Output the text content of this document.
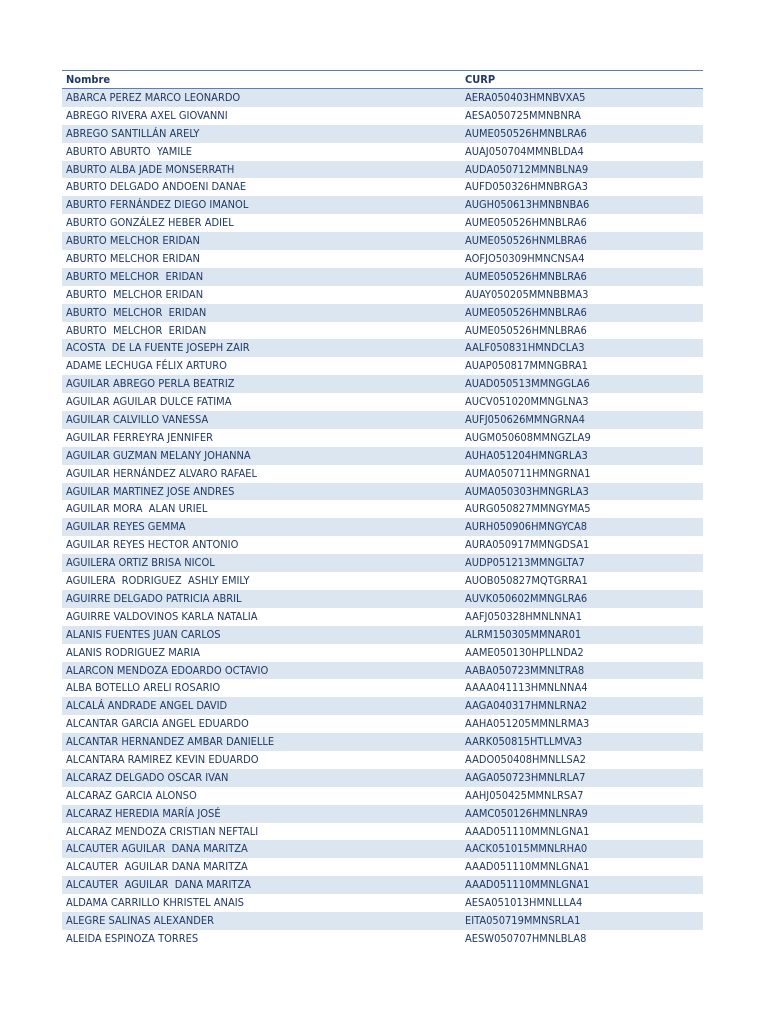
Nombre	CURP
ABARCA PEREZ MARCO LEONARDO	AERA050403HMNBVXA5
ABREGO RIVERA AXEL GIOVANNI	AESA050725MMNBNRA
ABREGO SANTILLÁN ARELY	AUME050526HMNBLRA6
ABURTO ABURTO  YAMILE	AUAJ050704MMNBLDA4
ABURTO ALBA JADE MONSERRATH	AUDA050712MMNBLNA9
ABURTO DELGADO ANDOENI DANAE	AUFD050326HMNBRGA3
ABURTO FERNÁNDEZ DIEGO IMANOL	AUGH050613HMNBNBA6
ABURTO GONZÁLEZ HEBER ADIEL	AUME050526HMNBLRA6
ABURTO MELCHOR ERIDAN	AUME050526HNMLBRA6
ABURTO MELCHOR ERIDAN	AOFJO50309HMNCNSA4
ABURTO MELCHOR  ERIDAN	AUME050526HMNBLRA6
ABURTO  MELCHOR ERIDAN	AUAY050205MMNBBMA3
ABURTO  MELCHOR  ERIDAN	AUME050526HMNBLRA6
ABURTO  MELCHOR  ERIDAN	AUME050526HMNLBRA6
ACOSTA  DE LA FUENTE JOSEPH ZAIR	AALF050831HMNDCLA3
ADAME LECHUGA FÉLIX ARTURO	AUAP050817MMNGBRA1
AGUILAR ABREGO PERLA BEATRIZ	AUAD050513MMNGGLA6
AGUILAR AGUILAR DULCE FATIMA	AUCV051020MMNGLNA3
AGUILAR CALVILLO VANESSA	AUFJ050626MMNGRNA4
AGUILAR FERREYRA JENNIFER	AUGM050608MMNGZLA9
AGUILAR GUZMAN MELANY JOHANNA	AUHA051204HMNGRLA3
AGUILAR HERNÁNDEZ ALVARO RAFAEL	AUMA050711HMNGRNA1
AGUILAR MARTINEZ JOSE ANDRES	AUMA050303HMNGRLA3
AGUILAR MORA  ALAN URIEL	AURG050827MMNGYMA5
AGUILAR REYES GEMMA	AURH050906HMNGYCA8
AGUILAR REYES HECTOR ANTONIO	AURA050917MMNGDSA1
AGUILERA ORTIZ BRISA NICOL	AUDP051213MMNGLTA7
AGUILERA  RODRIGUEZ  ASHLY EMILY	AUOB050827MQTGRRA1
AGUIRRE DELGADO PATRICIA ABRIL	AUVK050602MMNGLRA6
AGUIRRE VALDOVINOS KARLA NATALIA	AAFJ050328HMNLNNA1
ALANIS FUENTES JUAN CARLOS	ALRM150305MMNAR01
ALANIS RODRIGUEZ MARIA	AAME050130HPLLNDA2
ALARCON MENDOZA EDOARDO OCTAVIO	AABA050723MMNLTRA8
ALBA BOTELLO ARELI ROSARIO	AAAA041113HMNLNNA4
ALCALÁ ANDRADE ANGEL DAVID	AAGA040317HMNLRNA2
ALCANTAR GARCIA ANGEL EDUARDO	AAHA051205MMNLRMA3
ALCANTAR HERNANDEZ AMBAR DANIELLE	AARK050815HTLLMVA3
ALCANTARA RAMIREZ KEVIN EDUARDO	AADO050408HMNLLSA2
ALCARAZ DELGADO OSCAR IVAN	AAGA050723HMNLRLA7
ALCARAZ GARCIA ALONSO	AAHJ050425MMNLRSA7
ALCARAZ HEREDIA MARÍA JOSÉ	AAMC050126HMNLNRA9
ALCARAZ MENDOZA CRISTIAN NEFTALI	AAAD051110MMNLGNA1
ALCAUTER AGUILAR  DANA MARITZA	AACK051015MMNLRHA0
ALCAUTER  AGUILAR DANA MARITZA	AAAD051110MMNLGNA1
ALCAUTER  AGUILAR  DANA MARITZA	AAAD051110MMNLGNA1
ALDAMA CARRILLO KHRISTEL ANAIS	AESA051013HMNLLLA4
ALEGRE SALINAS ALEXANDER	EITA050719MMNSRLA1
ALEIDA ESPINOZA TORRES	AESW050707HMNLBLA8
